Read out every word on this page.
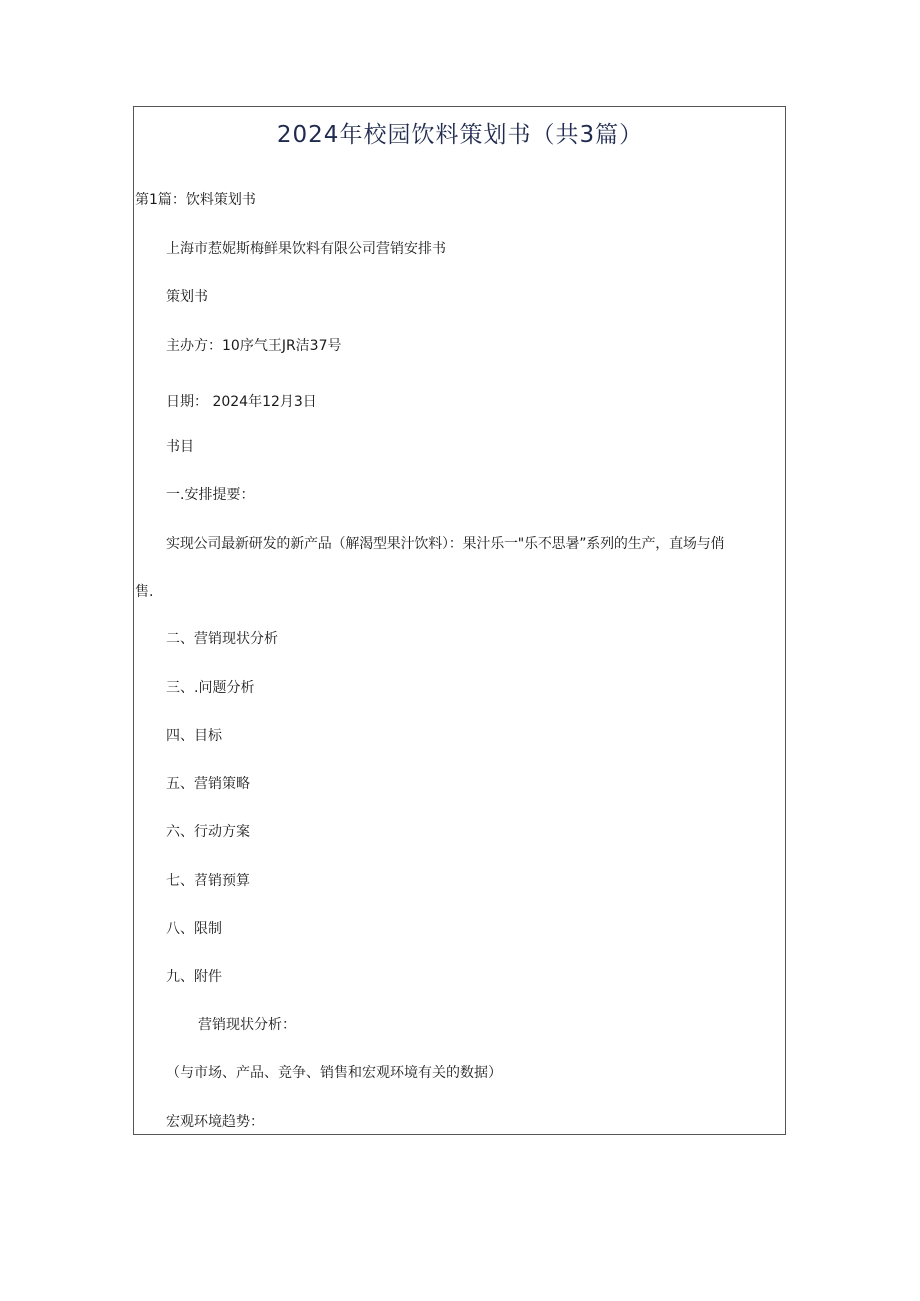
2024年校园饮料策划书（共3篇）
第1篇：饮料策划书
上海市惹妮斯梅鲜果饮料有限公司营销安排书
策划书
主办方：10序气王JR洁37号
日期： 2024年12月3日
书目
一.安排提要：
实现公司最新研发的新产品（解渴型果汁饮料）：果汁乐一"乐不思暑”系列的生产，直场与俏
售.
二、营销现状分析
三、.问题分析
四、目标
五、营销策略
六、行动方案
七、苕销预算
八、限制
九、附件
营销现状分析：
（与市场、产品、竞争、销售和宏观环境有关的数据）
宏观环境趋势：
